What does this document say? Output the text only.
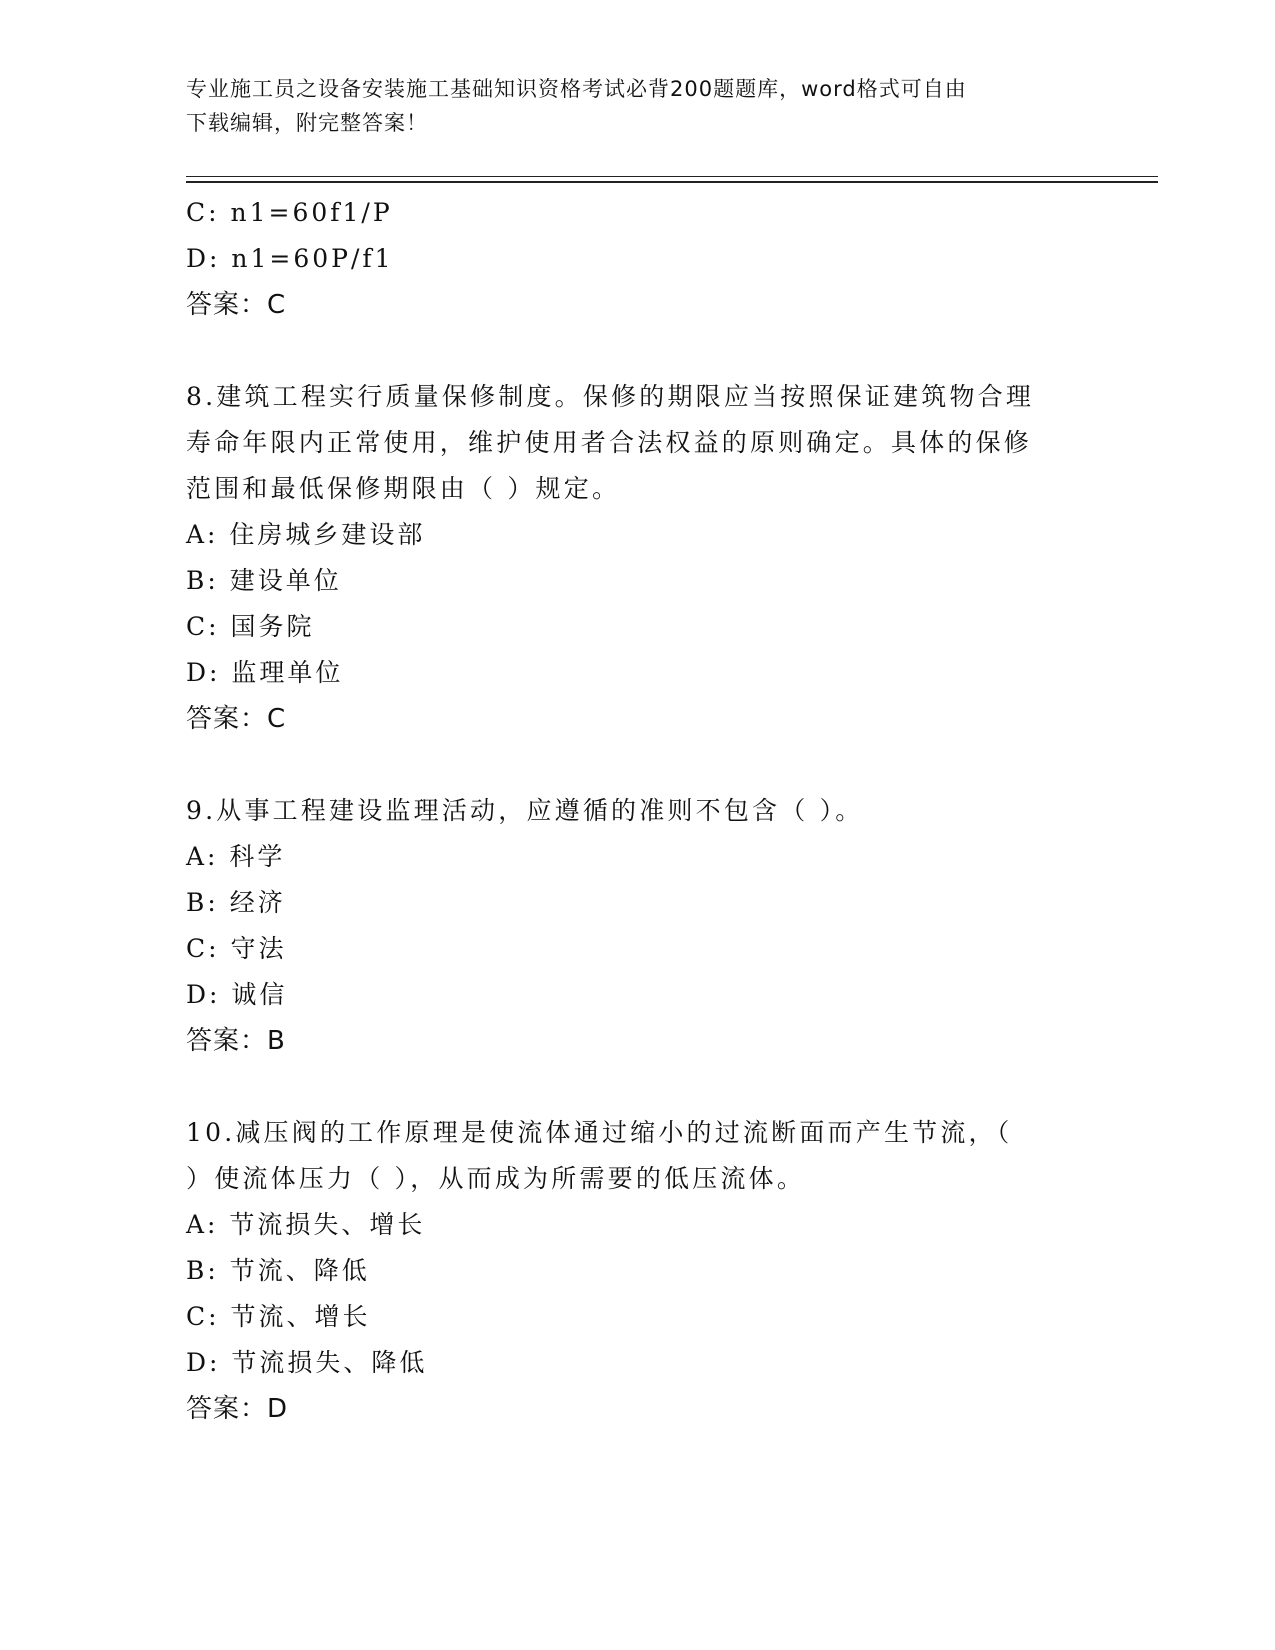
专业施工员之设备安装施工基础知识资格考试必背200题题库，word格式可自由

下载编辑，附完整答案！

C: n1=60f1/P
D: n1=60P/f1
答案：C
8.建筑工程实行质量保修制度。保修的期限应当按照保证建筑物合理
寿命年限内正常使用，维护使用者合法权益的原则确定。具体的保修
范围和最低保修期限由（ ）规定。
A: 住房城乡建设部
B: 建设单位
C: 国务院
D: 监理单位
答案：C
9.从事工程建设监理活动，应遵循的准则不包含（ ）。
A: 科学
B: 经济
C: 守法
D: 诚信
答案：B
10.减压阀的工作原理是使流体通过缩小的过流断面而产生节流，（
）使流体压力（ ），从而成为所需要的低压流体。
A: 节流损失、增长
B: 节流、降低
C: 节流、增长
D: 节流损失、降低
答案：D
